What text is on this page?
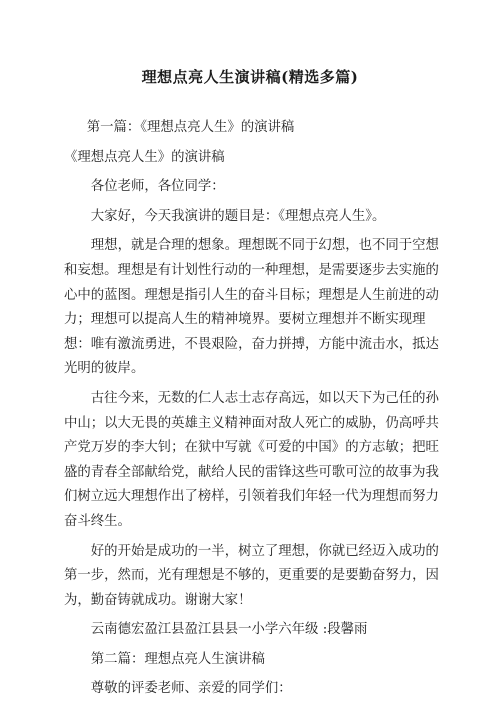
理想点亮人生演讲稿(精选多篇)

第一篇：《理想点亮人生》的演讲稿

《理想点亮人生》的演讲稿

各位老师，各位同学：

大家好，今天我演讲的题目是：《理想点亮人生》。

理想，就是合理的想象。理想既不同于幻想，也不同于空想和妄想。理想是有计划性行动的一种理想，是需要逐步去实施的心中的蓝图。理想是指引人生的奋斗目标；理想是人生前进的动力；理想可以提高人生的精神境界。要树立理想并不断实现理想：唯有激流勇进，不畏艰险，奋力拼搏，方能中流击水，抵达光明的彼岸。

古往今来，无数的仁人志士志存高远，如以天下为己任的孙中山；以大无畏的英雄主义精神面对敌人死亡的威胁，仍高呼共产党万岁的李大钊；在狱中写就《可爱的中国》的方志敏；把旺盛的青春全部献给党，献给人民的雷锋这些可歌可泣的故事为我们树立远大理想作出了榜样，引领着我们年轻一代为理想而努力奋斗终生。

好的开始是成功的一半，树立了理想，你就已经迈入成功的第一步，然而，光有理想是不够的，更重要的是要勤奋努力，因为，勤奋铸就成功。谢谢大家！

云南德宏盈江县盈江县县一小学六年级 :段馨雨

第二篇：理想点亮人生演讲稿

尊敬的评委老师、亲爱的同学们：
